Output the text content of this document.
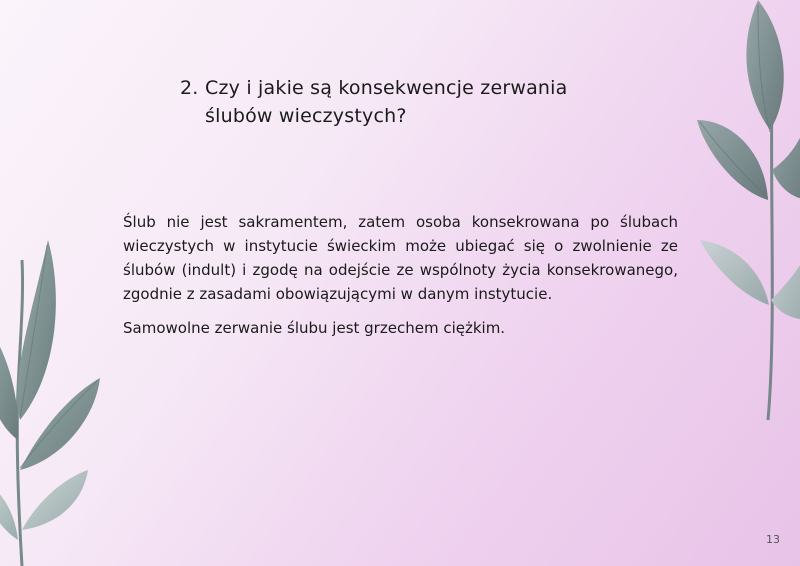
2. Czy i jakie są konsekwencje zerwania
ślubów wieczystych?

Ślub nie jest sakramentem, zatem osoba konsekrowana po ślubach wieczystych w instytucie świeckim może ubiegać się o zwolnienie ze ślubów (indult) i zgodę na odejście ze wspólnoty życia konsekrowanego, zgodnie z zasadami obowiązującymi w danym instytucie.

Samowolne zerwanie ślubu jest grzechem ciężkim.

13
